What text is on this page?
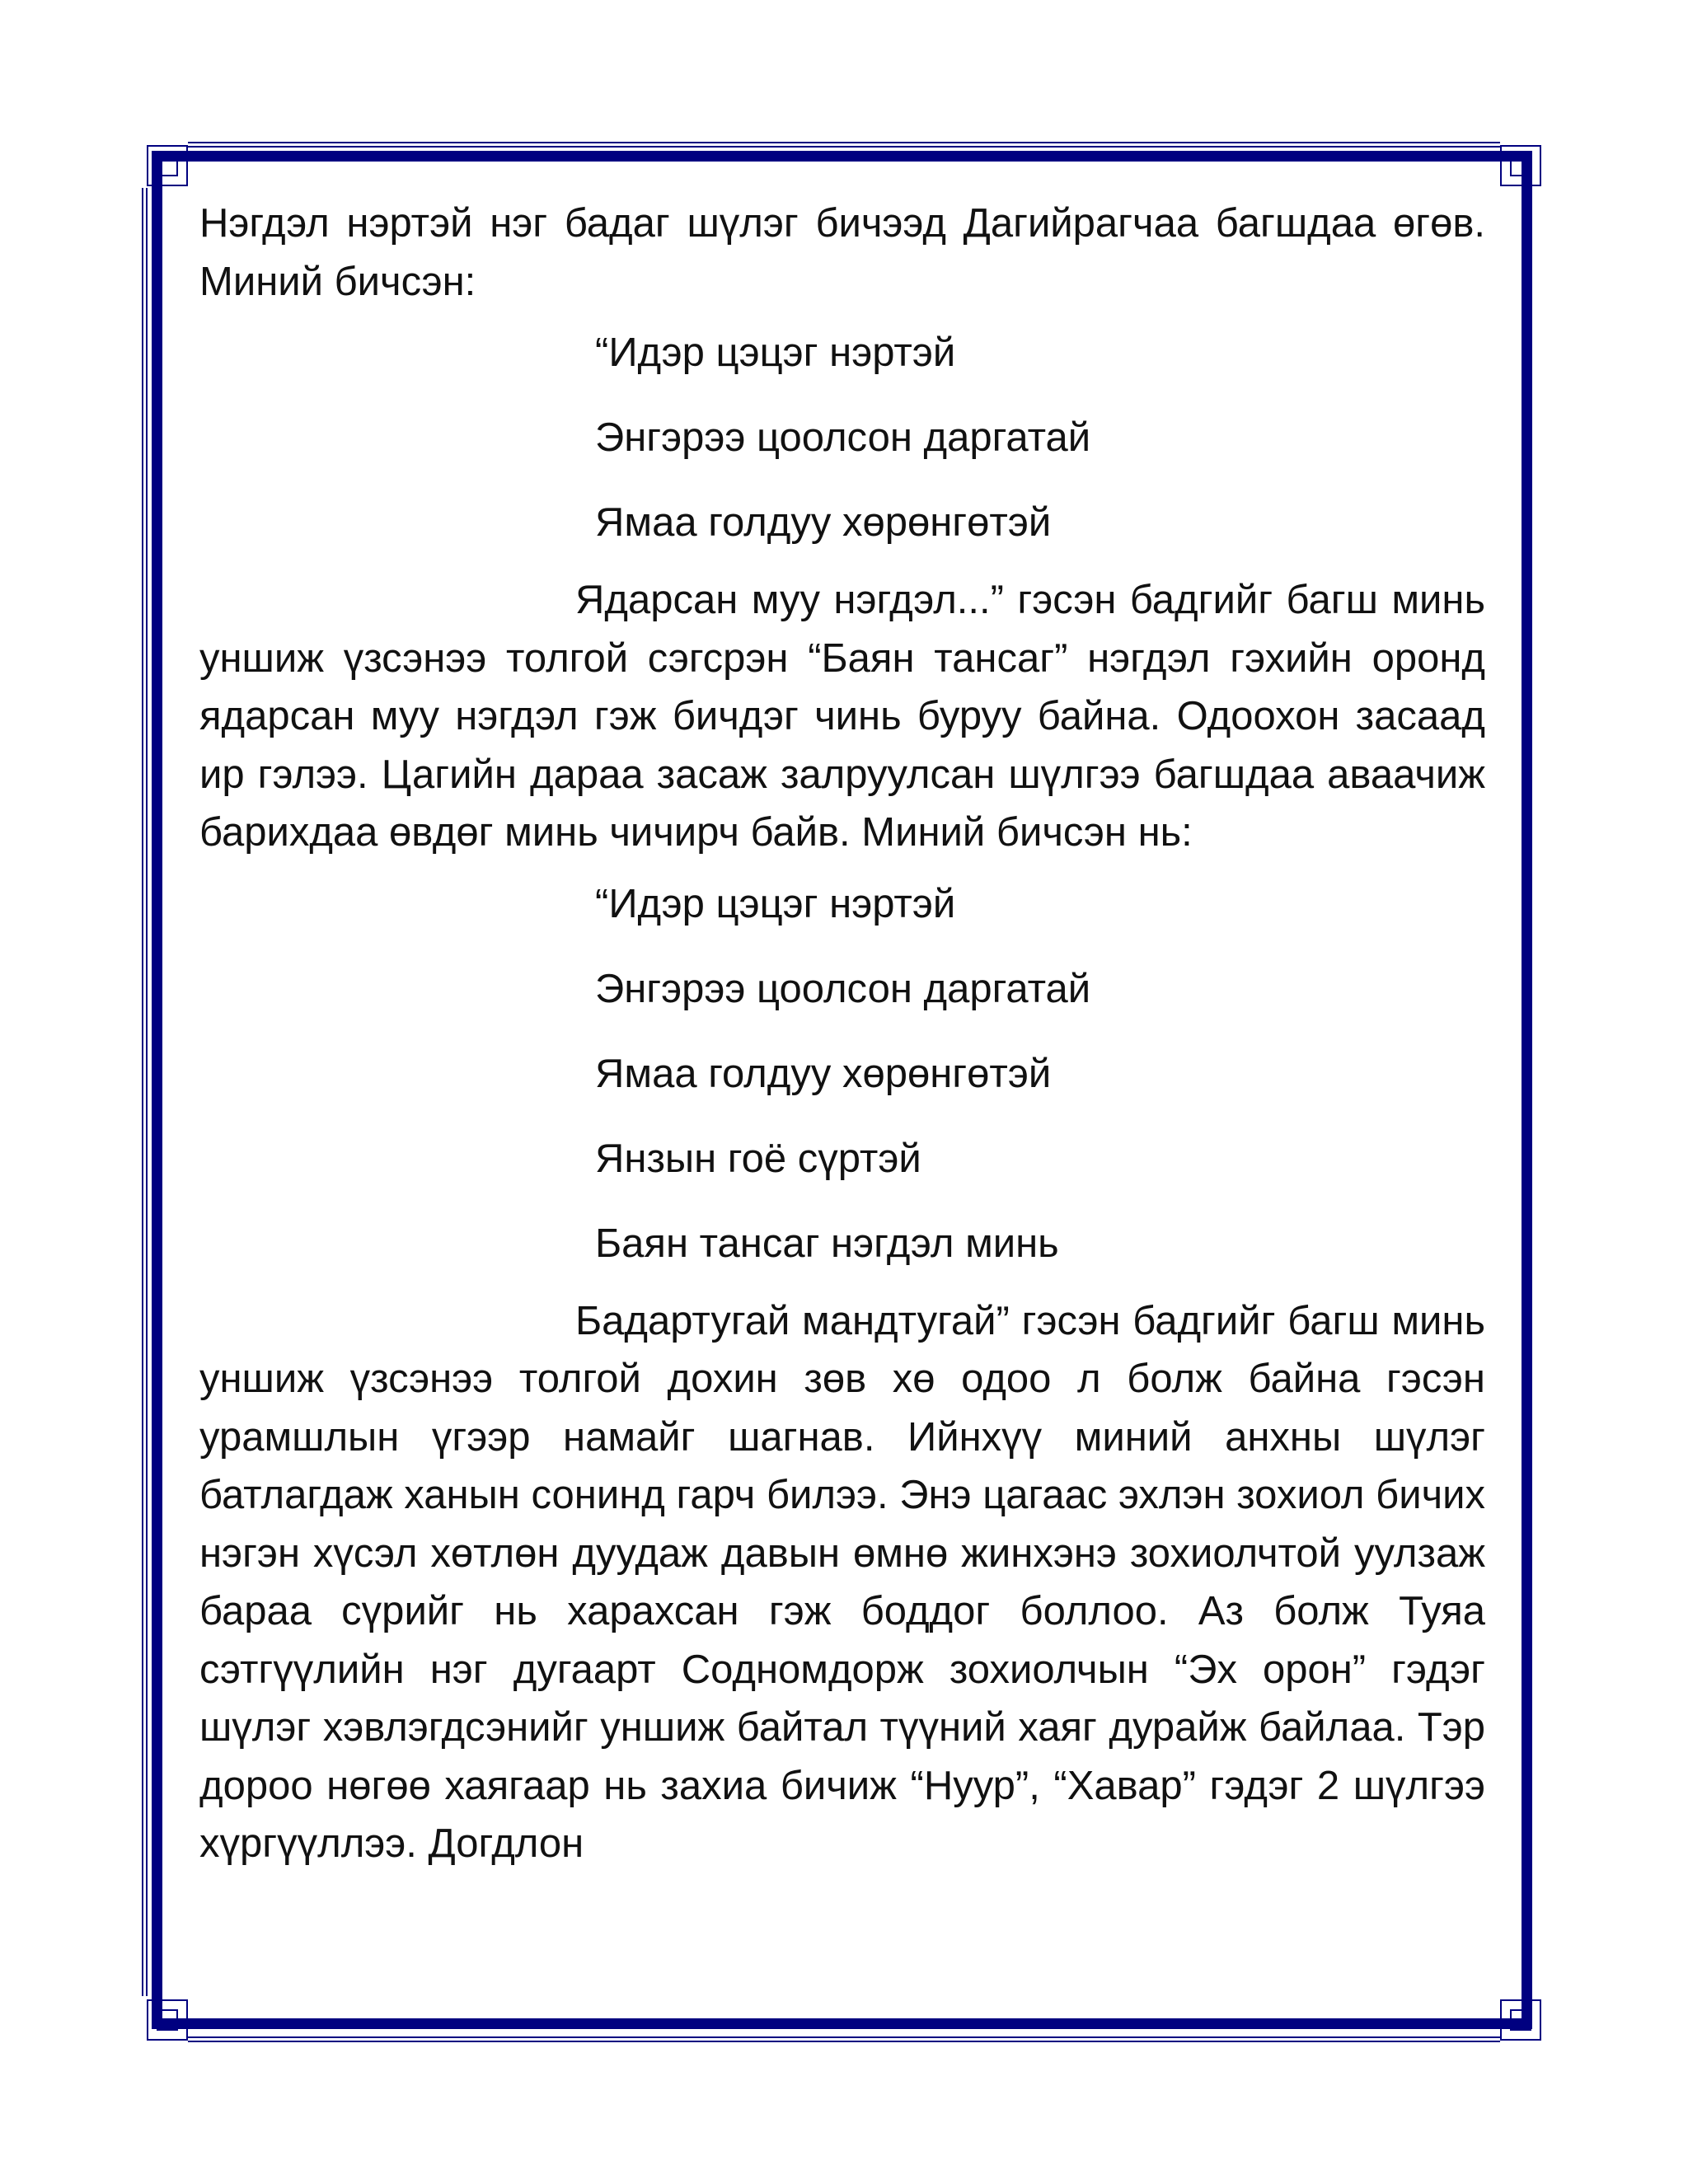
Нэгдэл нэртэй нэг бадаг шүлэг бичээд Дагийрагчаа багшдаа өгөв. Миний бичсэн:

“Идэр цэцэг нэртэй

Энгэрээ цоолсон даргатай

Ямаа голдуу хөрөнгөтэй

Ядарсан муу нэгдэл...” гэсэн бадгийг багш минь уншиж үзсэнээ толгой сэгсрэн “Баян тансаг” нэгдэл гэхийн оронд ядарсан муу нэгдэл гэж бичдэг чинь буруу байна. Одоохон засаад ир гэлээ. Цагийн дараа засаж залруулсан шүлгээ багшдаа аваачиж барихдаа өвдөг минь чичирч байв. Миний бичсэн нь:

“Идэр цэцэг нэртэй

Энгэрээ цоолсон даргатай

Ямаа голдуу хөрөнгөтэй

Янзын гоё сүртэй

Баян тансаг нэгдэл минь

Бадартугай мандтугай” гэсэн бадгийг багш минь уншиж үзсэнээ толгой дохин зөв хө одоо л болж байна гэсэн урамшлын үгээр намайг шагнав. Ийнхүү миний анхны шүлэг батлагдаж ханын сонинд гарч билээ. Энэ цагаас эхлэн зохиол бичих нэгэн хүсэл хөтлөн дуудаж давын өмнө жинхэнэ зохиолчтой уулзаж бараа сүрийг нь харахсан гэж боддог боллоо. Аз болж Туяа сэтгүүлийн нэг дугаарт Содномдорж зохиолчын “Эх орон” гэдэг шүлэг хэвлэгдсэнийг уншиж байтал түүний хаяг дурайж байлаа. Тэр дороо нөгөө хаягаар нь захиа бичиж “Нуур”, “Хавар” гэдэг 2 шүлгээ хүргүүллээ. Догдлон
